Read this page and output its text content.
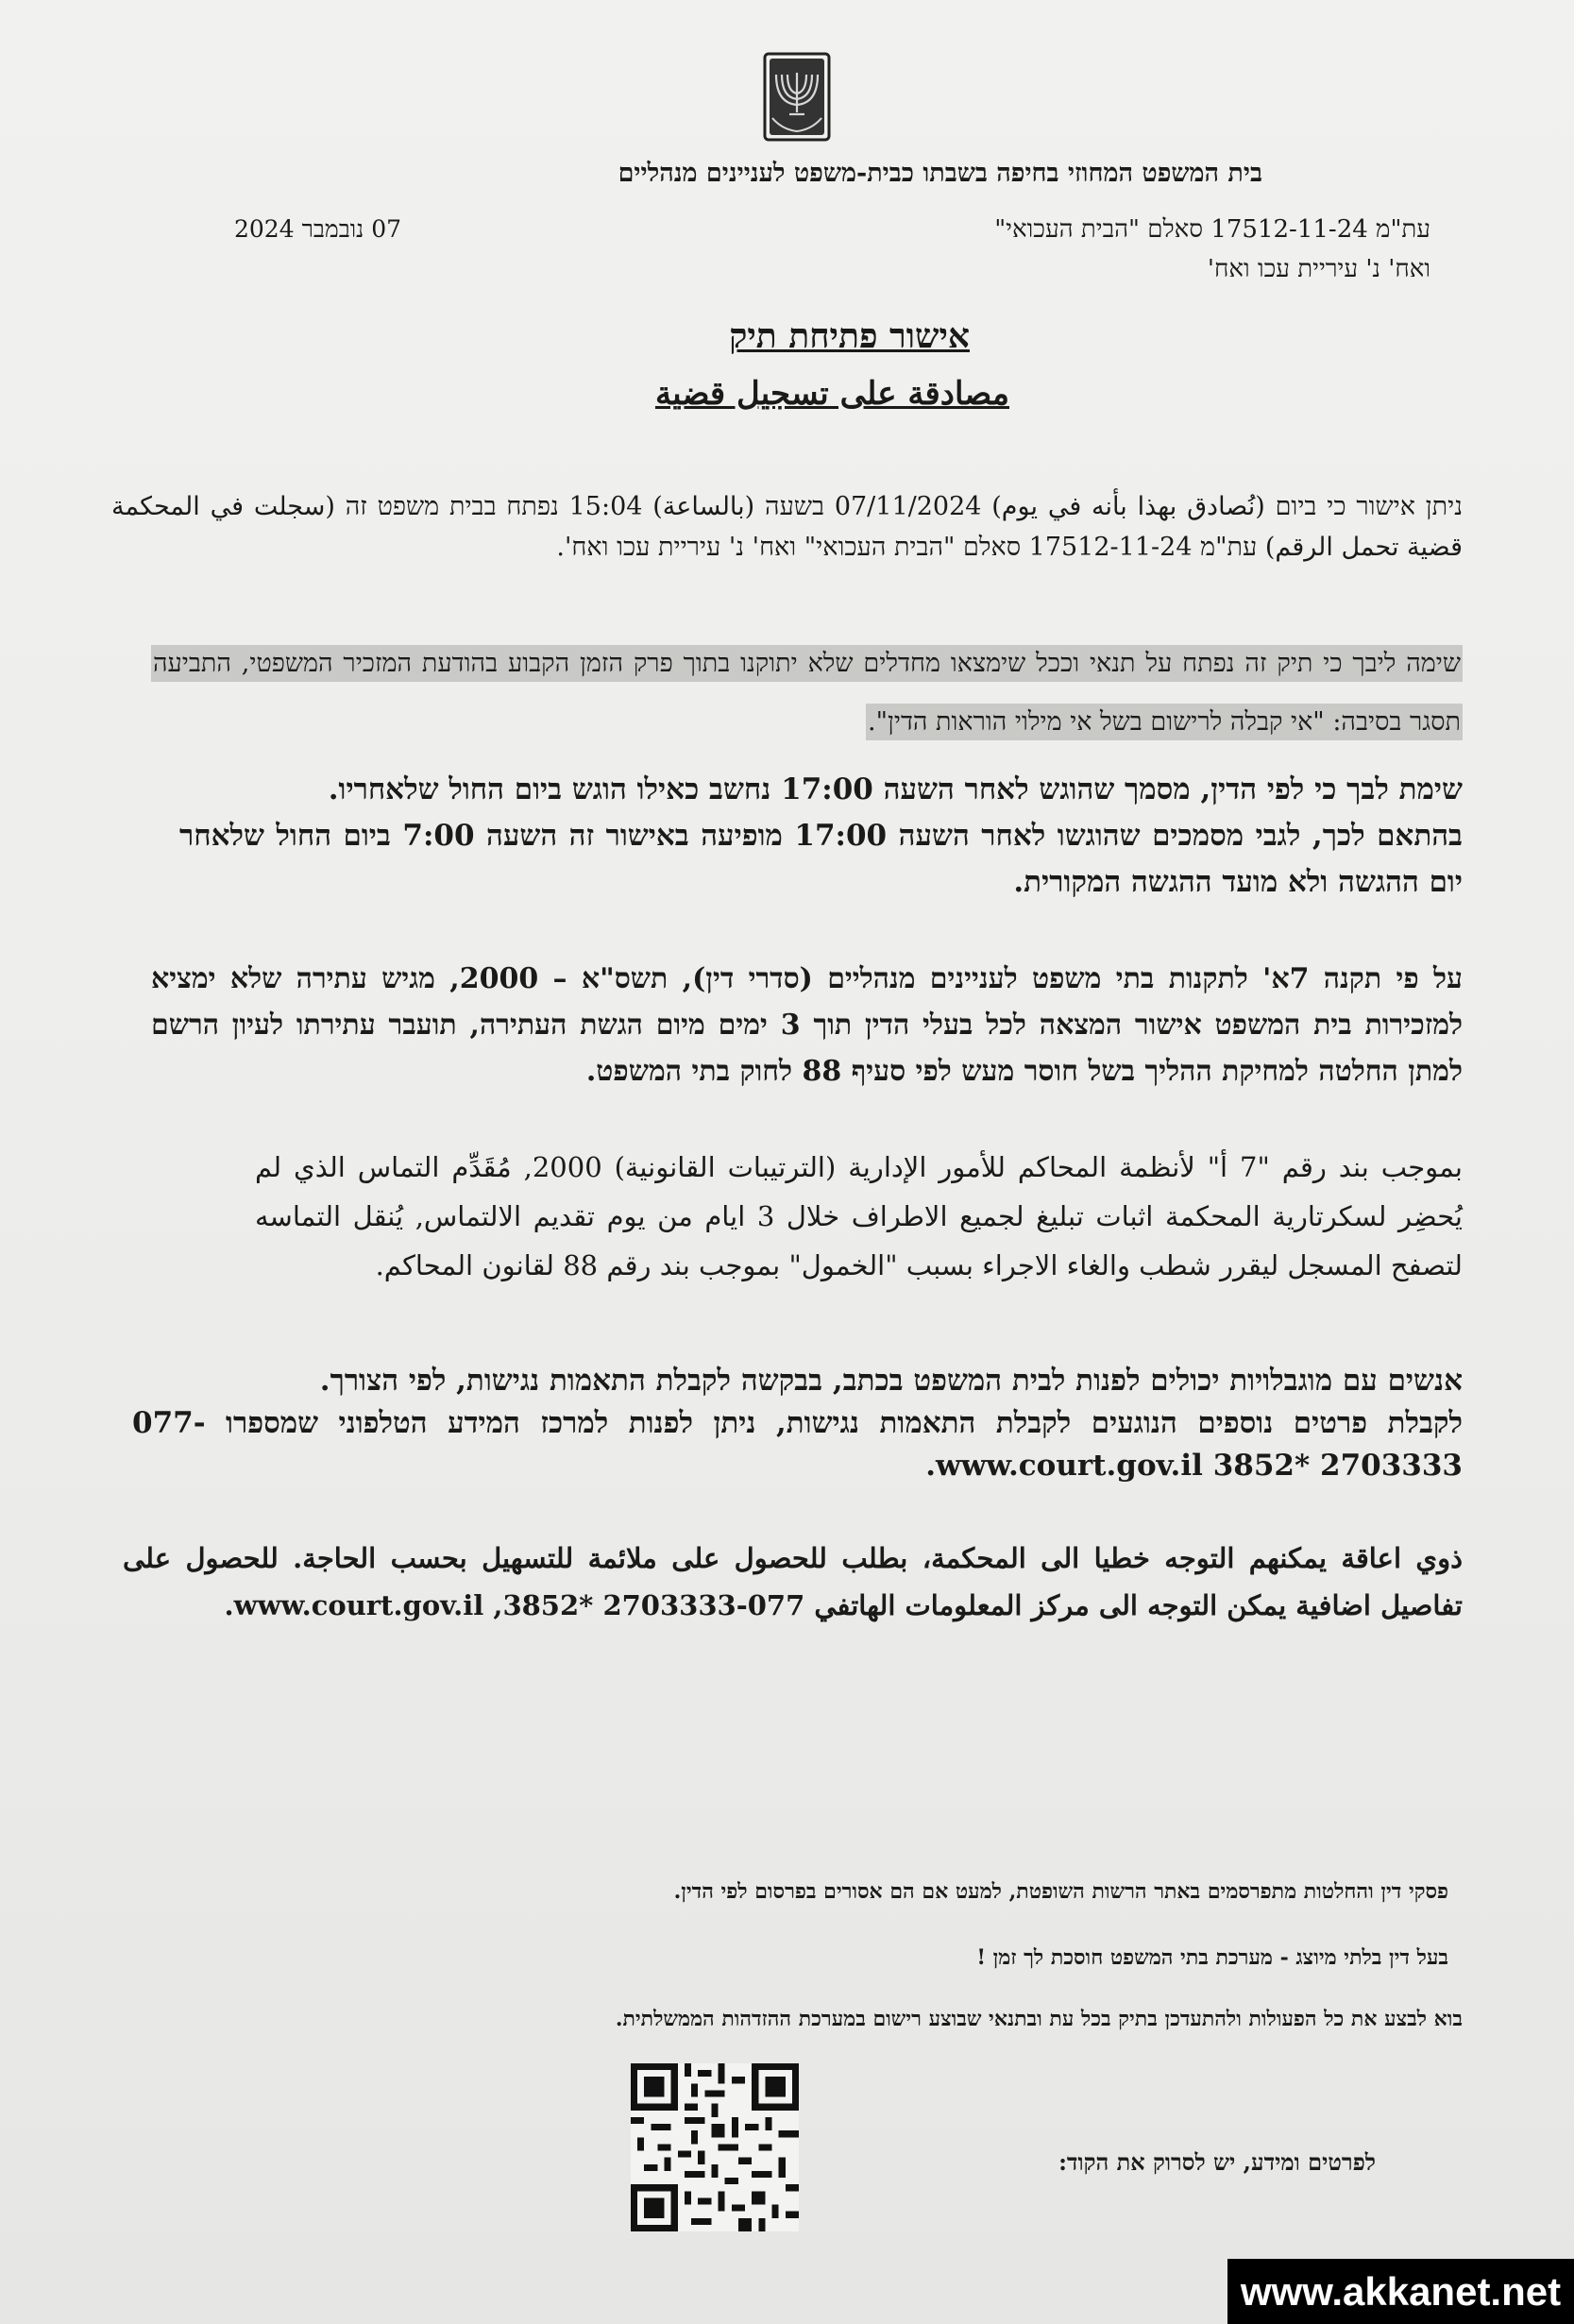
בית המשפט המחוזי בחיפה בשבתו כבית-משפט לעניינים מנהליים
עת"מ 17512-11-24 סאלם "הבית העכואי"
ואח' נ' עיריית עכו ואח'
07 נובמבר 2024
אישור פתיחת תיק
مصادقة على تسجيل قضية
ניתן אישור כי ביום (نُصادق بهذا بأنه في يوم) 07/11/2024 בשעה (بالساعة) 15:04 נפתח בבית משפט זה (سجلت في المحكمة قضية تحمل الرقم) עת"מ 17512-11-24 סאלם "הבית העכואי" ואח' נ' עיריית עכו ואח'.
שימה ליבך כי תיק זה נפתח על תנאי וככל שימצאו מחדלים שלא יתוקנו בתוך פרק הזמן הקבוע בהודעת המזכיר המשפטי, התביעה תסגר בסיבה: "אי קבלה לרישום בשל אי מילוי הוראות הדין".
שימת לבך כי לפי הדין, מסמך שהוגש לאחר השעה 17:00 נחשב כאילו הוגש ביום החול שלאחריו.
בהתאם לכך, לגבי מסמכים שהוגשו לאחר השעה 17:00 מופיעה באישור זה השעה 7:00 ביום החול שלאחר יום ההגשה ולא מועד ההגשה המקורית.
על פי תקנה 7א' לתקנות בתי משפט לעניינים מנהליים (סדרי דין), תשס"א – 2000, מגיש עתירה שלא ימציא למזכירות בית המשפט אישור המצאה לכל בעלי הדין תוך 3 ימים מיום הגשת העתירה, תועבר עתירתו לעיון הרשם למתן החלטה למחיקת ההליך בשל חוסר מעש לפי סעיף 88 לחוק בתי המשפט.
بموجب بند رقم "7 أ" لأنظمة المحاكم للأمور الإدارية (الترتيبات القانونية) 2000, مُقَدِّم التماس الذي لم يُحضِر لسكرتارية المحكمة اثبات تبليغ لجميع الاطراف خلال 3 ايام من يوم تقديم الالتماس, يُنقل التماسه لتصفح المسجل ليقرر شطب والغاء الاجراء بسبب "الخمول" بموجب بند رقم 88 لقانون المحاكم.
אנשים עם מוגבלויות יכולים לפנות לבית המשפט בכתב, בבקשה לקבלת התאמות נגישות, לפי הצורך.
לקבלת פרטים נוספים הנוגעים לקבלת התאמות נגישות, ניתן לפנות למרכז המידע הטלפוני שמספרו 077-2703333 *3852 www.court.gov.il.
ذوي اعاقة يمكنهم التوجه خطيا الى المحكمة، بطلب للحصول على ملائمة للتسهيل بحسب الحاجة. للحصول على تفاصيل اضافية يمكن التوجه الى مركز المعلومات الهاتفي 077-2703333 *3852, www.court.gov.il.
פסקי דין והחלטות מתפרסמים באתר הרשות השופטת, למעט אם הם אסורים בפרסום לפי הדין.
בעל דין בלתי מיוצג - מערכת בתי המשפט חוסכת לך זמן !
בוא לבצע את כל הפעולות ולהתעדכן בתיק בכל עת ובתנאי שבוצע רישום במערכת ההזדהות הממשלתית.
לפרטים ומידע, יש לסרוק את הקוד:
www.akkanet.net
